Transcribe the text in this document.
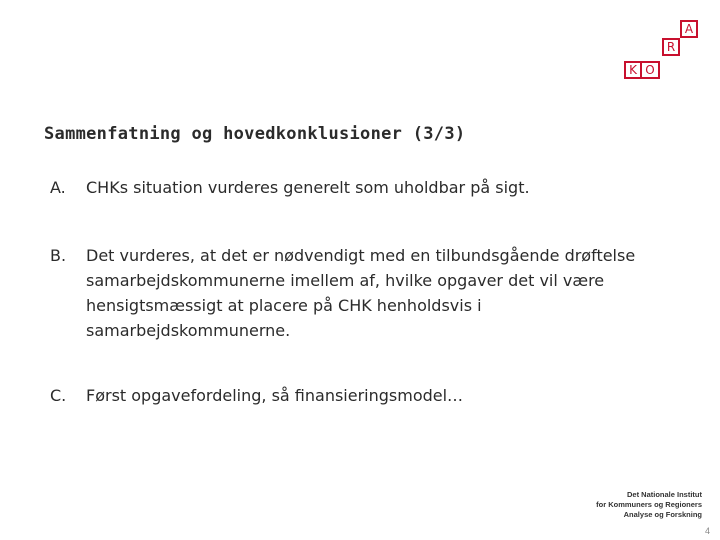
A
R
K O
Sammenfatning og hovedkonklusioner (3/3)
A. CHKs situation vurderes generelt som uholdbar på sigt.
B. Det vurderes, at det er nødvendigt med en tilbundsgående drøftelse samarbejdskommunerne imellem af, hvilke opgaver det vil være hensigtsmæssigt at placere på CHK henholdsvis i samarbejdskommunerne.
C. Først opgavefordeling, så finansieringsmodel…
Det Nationale Institut
for Kommuners og Regioners
Analyse og Forskning
4
